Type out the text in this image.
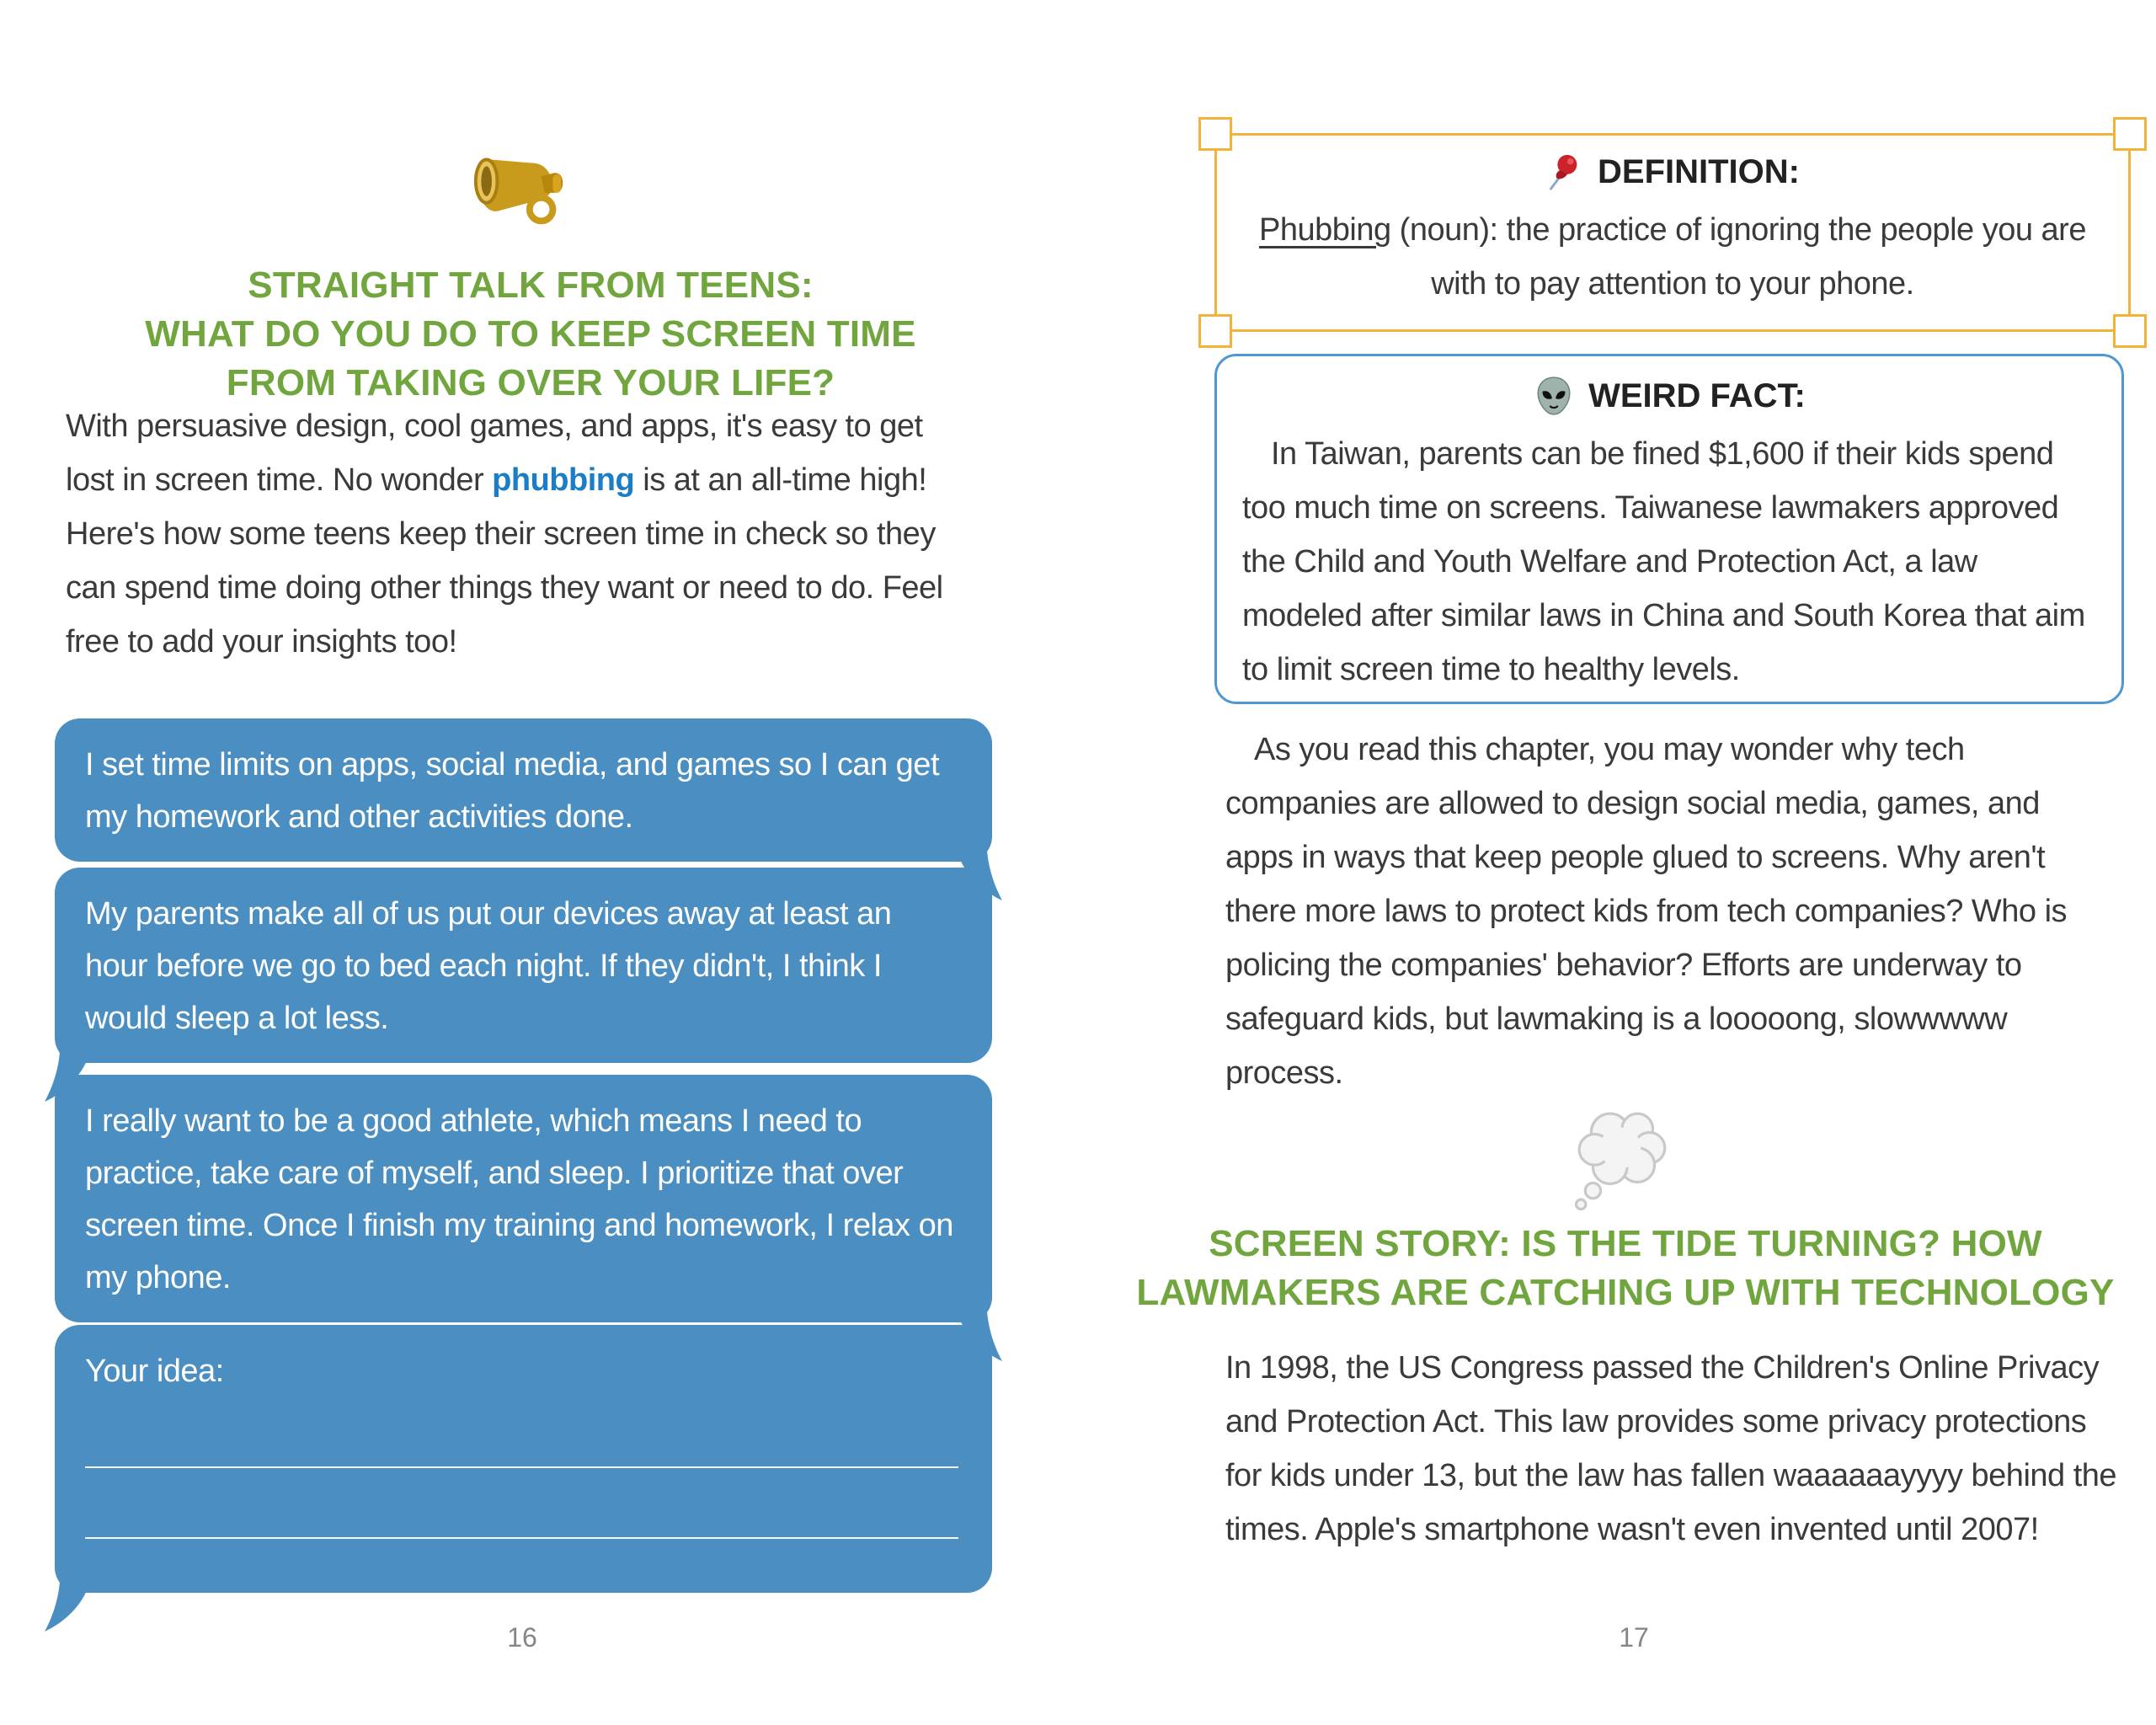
STRAIGHT TALK FROM TEENS:
WHAT DO YOU DO TO KEEP SCREEN TIME
FROM TAKING OVER YOUR LIFE?

With persuasive design, cool games, and apps, it's easy to get lost in screen time. No wonder phubbing is at an all-time high! Here's how some teens keep their screen time in check so they can spend time doing other things they want or need to do. Feel free to add your insights too!

I set time limits on apps, social media, and games so I can get my homework and other activities done.
My parents make all of us put our devices away at least an hour before we go to bed each night. If they didn't, I think I would sleep a lot less.
I really want to be a good athlete, which means I need to practice, take care of myself, and sleep. I prioritize that over screen time. Once I finish my training and homework, I relax on my phone.
Your idea:
16
DEFINITION:

Phubbing (noun): the practice of ignoring the people you are with to pay attention to your phone.

WEIRD FACT:

In Taiwan, parents can be fined $1,600 if their kids spend too much time on screens. Taiwanese lawmakers approved the Child and Youth Welfare and Protection Act, a law modeled after similar laws in China and South Korea that aim to limit screen time to healthy levels.

As you read this chapter, you may wonder why tech companies are allowed to design social media, games, and apps in ways that keep people glued to screens. Why aren't there more laws to protect kids from tech companies? Who is policing the companies' behavior? Efforts are underway to safeguard kids, but lawmaking is a looooong, slowwwww process.

SCREEN STORY: IS THE TIDE TURNING? HOW
LAWMAKERS ARE CATCHING UP WITH TECHNOLOGY

In 1998, the US Congress passed the Children's Online Privacy and Protection Act. This law provides some privacy protections for kids under 13, but the law has fallen waaaaaayyyy behind the times. Apple's smartphone wasn't even invented until 2007!

17
